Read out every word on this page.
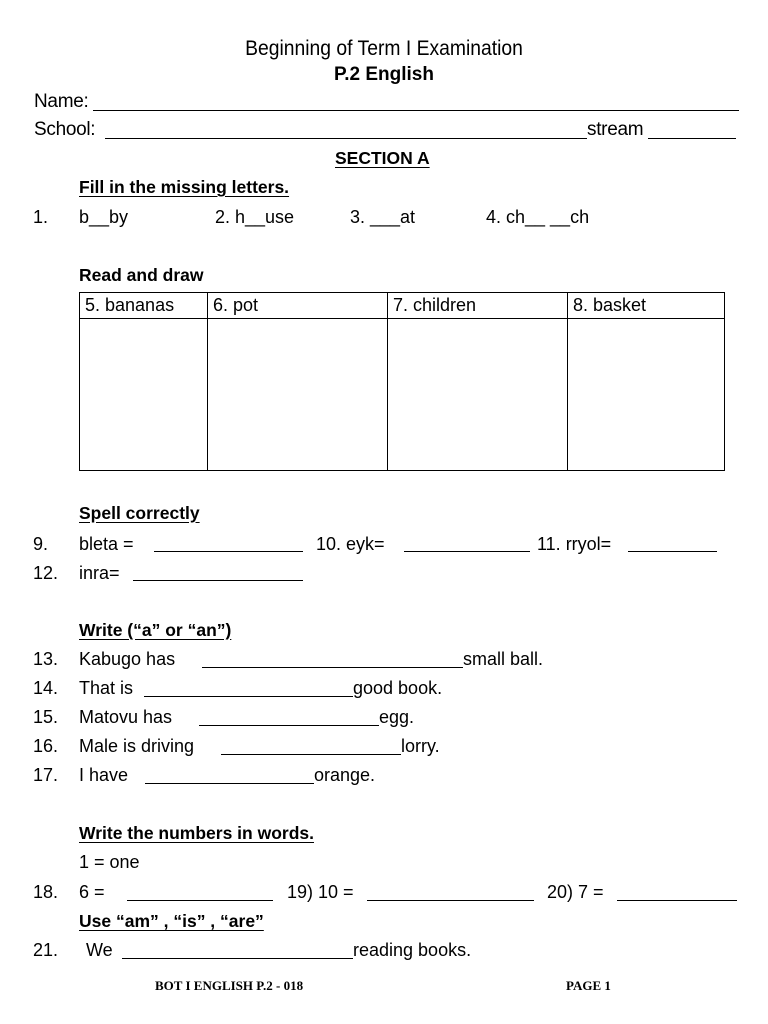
Beginning of Term I Examination
P.2 English
Name:
School:	stream
SECTION A
Fill in the missing letters.
1. b__by	2. h__use	3. ___at	4. ch__ __ch
Read and draw
5. bananas	6. pot	7. children	8. basket

Spell correctly
9. bleta =	10. eyk=	11. rryol=
12. inra=
Write (“a” or “an”)
13. Kabugo has	small ball.
14. That is	good book.
15. Matovu has	egg.
16. Male is driving	lorry.
17. I have	orange.
Write the numbers in words.
1 = one
18. 6 =	19) 10 =	20) 7 =
Use “am” , “is” , “are”
21. We	reading books.
BOT I ENGLISH P.2 - 018	PAGE 1
